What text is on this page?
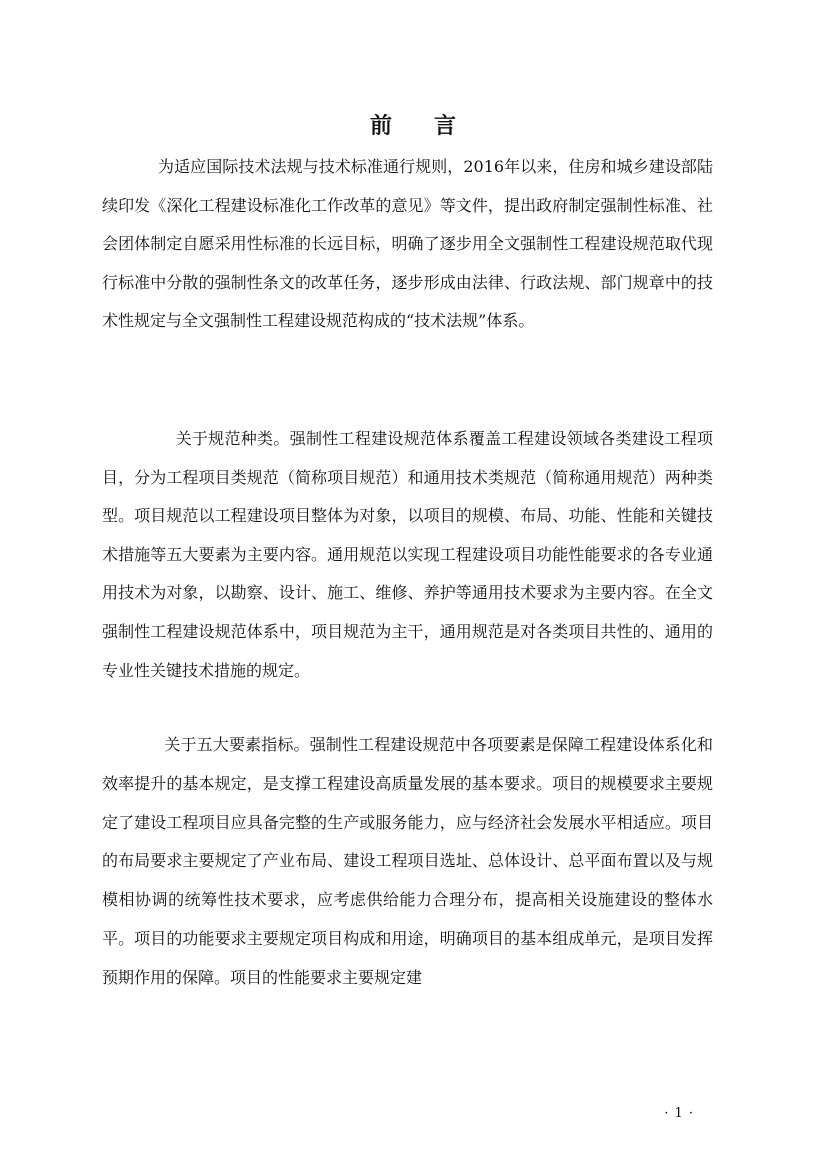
前 言

为适应国际技术法规与技术标准通行规则，2016年以来，住房和城乡建设部陆续印发《深化工程建设标准化工作改革的意见》等文件，提出政府制定强制性标准、社会团体制定自愿采用性标准的长远目标，明确了逐步用全文强制性工程建设规范取代现行标准中分散的强制性条文的改革任务，逐步形成由法律、行政法规、部门规章中的技术性规定与全文强制性工程建设规范构成的“技术法规”体系。

关于规范种类。强制性工程建设规范体系覆盖工程建设领域各类建设工程项目，分为工程项目类规范（简称项目规范）和通用技术类规范（简称通用规范）两种类型。项目规范以工程建设项目整体为对象，以项目的规模、布局、功能、性能和关键技术措施等五大要素为主要内容。通用规范以实现工程建设项目功能性能要求的各专业通用技术为对象，以勘察、设计、施工、维修、养护等通用技术要求为主要内容。在全文强制性工程建设规范体系中，项目规范为主干，通用规范是对各类项目共性的、通用的专业性关键技术措施的规定。

关于五大要素指标。强制性工程建设规范中各项要素是保障工程建设体系化和效率提升的基本规定，是支撑工程建设高质量发展的基本要求。项目的规模要求主要规定了建设工程项目应具备完整的生产或服务能力，应与经济社会发展水平相适应。项目的布局要求主要规定了产业布局、建设工程项目选址、总体设计、总平面布置以及与规模相协调的统筹性技术要求，应考虑供给能力合理分布，提高相关设施建设的整体水平。项目的功能要求主要规定项目构成和用途，明确项目的基本组成单元，是项目发挥预期作用的保障。项目的性能要求主要规定建

· 1 ·
